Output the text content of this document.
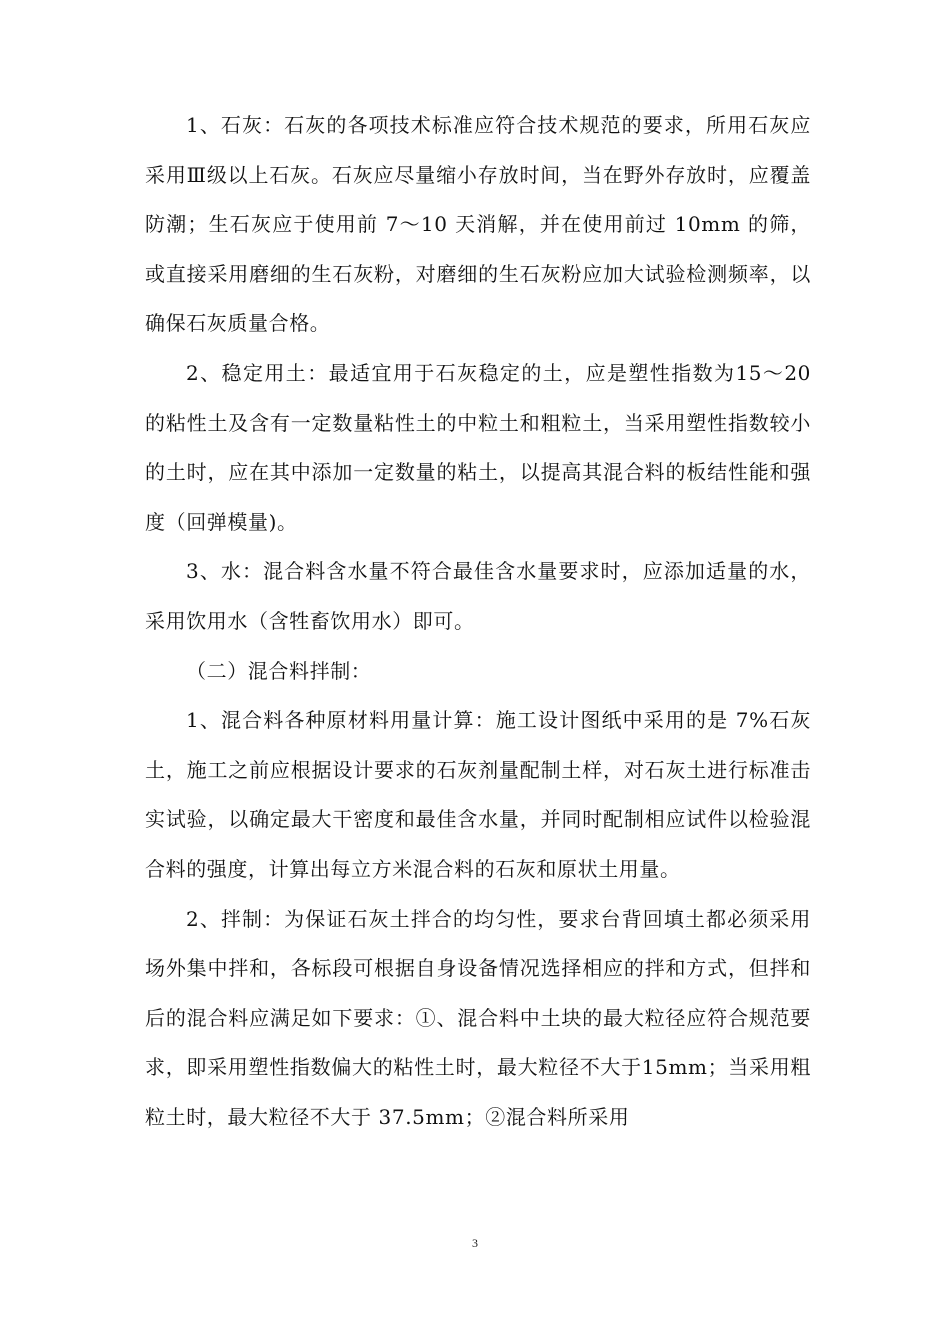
1、石灰：石灰的各项技术标准应符合技术规范的要求，所用石灰应采用Ⅲ级以上石灰。石灰应尽量缩小存放时间，当在野外存放时，应覆盖防潮；生石灰应于使用前 7～10 天消解，并在使用前过 10mm 的筛，或直接采用磨细的生石灰粉，对磨细的生石灰粉应加大试验检测频率，以确保石灰质量合格。

2、稳定用土：最适宜用于石灰稳定的土，应是塑性指数为15～20 的粘性土及含有一定数量粘性土的中粒土和粗粒土，当采用塑性指数较小的土时，应在其中添加一定数量的粘土，以提高其混合料的板结性能和强度（回弹模量)。

3、水：混合料含水量不符合最佳含水量要求时，应添加适量的水，采用饮用水（含牲畜饮用水）即可。

（二）混合料拌制：

1、混合料各种原材料用量计算：施工设计图纸中采用的是 7%石灰土，施工之前应根据设计要求的石灰剂量配制土样，对石灰土进行标准击实试验，以确定最大干密度和最佳含水量，并同时配制相应试件以检验混合料的强度，计算出每立方米混合料的石灰和原状土用量。

2、拌制：为保证石灰土拌合的均匀性，要求台背回填土都必须采用场外集中拌和，各标段可根据自身设备情况选择相应的拌和方式，但拌和后的混合料应满足如下要求：①、混合料中土块的最大粒径应符合规范要求，即采用塑性指数偏大的粘性土时，最大粒径不大于15mm；当采用粗粒土时，最大粒径不大于 37.5mm；②混合料所采用

3
